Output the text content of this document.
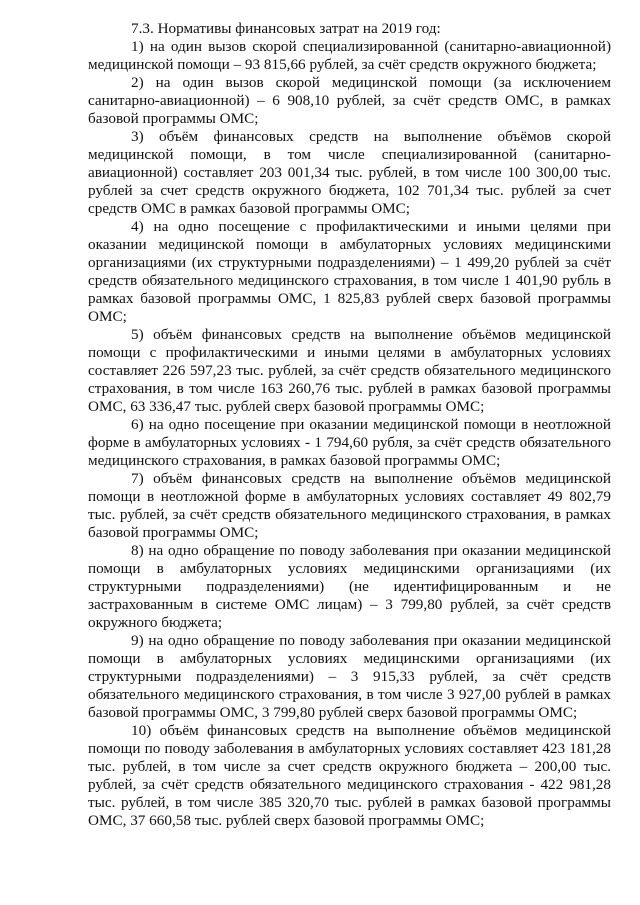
7.3. Нормативы финансовых затрат на 2019 год:

1) на один вызов скорой специализированной (санитарно-авиационной) медицинской помощи – 93 815,66 рублей, за счёт средств окружного бюджета;

2) на один вызов скорой медицинской помощи (за исключением санитарно-авиационной) – 6 908,10 рублей, за счёт средств ОМС, в рамках базовой программы ОМС;

3) объём финансовых средств на выполнение объёмов скорой медицинской помощи, в том числе специализированной (санитарно-авиационной) составляет 203 001,34 тыс. рублей, в том числе 100 300,00 тыс. рублей за счет средств окружного бюджета, 102 701,34 тыс. рублей за счет средств ОМС в рамках базовой программы ОМС;

4) на одно посещение с профилактическими и иными целями при оказании медицинской помощи в амбулаторных условиях медицинскими организациями (их структурными подразделениями) – 1 499,20 рублей за счёт средств обязательного медицинского страхования, в том числе 1 401,90 рубль в рамках базовой программы ОМС, 1 825,83 рублей сверх базовой программы ОМС;

5) объём финансовых средств на выполнение объёмов медицинской помощи с профилактическими и иными целями в амбулаторных условиях составляет 226 597,23 тыс. рублей, за счёт средств обязательного медицинского страхования, в том числе 163 260,76 тыс. рублей в рамках базовой программы ОМС, 63 336,47 тыс. рублей сверх базовой программы ОМС;

6) на одно посещение при оказании медицинской помощи в неотложной форме в амбулаторных условиях - 1 794,60 рубля, за счёт средств обязательного медицинского страхования, в рамках базовой программы ОМС;

7) объём финансовых средств на выполнение объёмов медицинской помощи в неотложной форме в амбулаторных условиях составляет 49 802,79 тыс. рублей, за счёт средств обязательного медицинского страхования, в рамках базовой программы ОМС;

8) на одно обращение по поводу заболевания при оказании медицинской помощи в амбулаторных условиях медицинскими организациями (их структурными подразделениями) (не идентифицированным и не застрахованным в системе ОМС лицам) – 3 799,80 рублей, за счёт средств окружного бюджета;

9) на одно обращение по поводу заболевания при оказании медицинской помощи в амбулаторных условиях медицинскими организациями (их структурными подразделениями) – 3 915,33 рублей, за счёт средств обязательного медицинского страхования, в том числе 3 927,00 рублей в рамках базовой программы ОМС, 3 799,80 рублей сверх базовой программы ОМС;

10) объём финансовых средств на выполнение объёмов медицинской помощи по поводу заболевания в амбулаторных условиях составляет 423 181,28 тыс. рублей, в том числе за счет средств окружного бюджета – 200,00 тыс. рублей, за счёт средств обязательного медицинского страхования - 422 981,28 тыс. рублей, в том числе 385 320,70 тыс. рублей в рамках базовой программы ОМС, 37 660,58 тыс. рублей сверх базовой программы ОМС;
